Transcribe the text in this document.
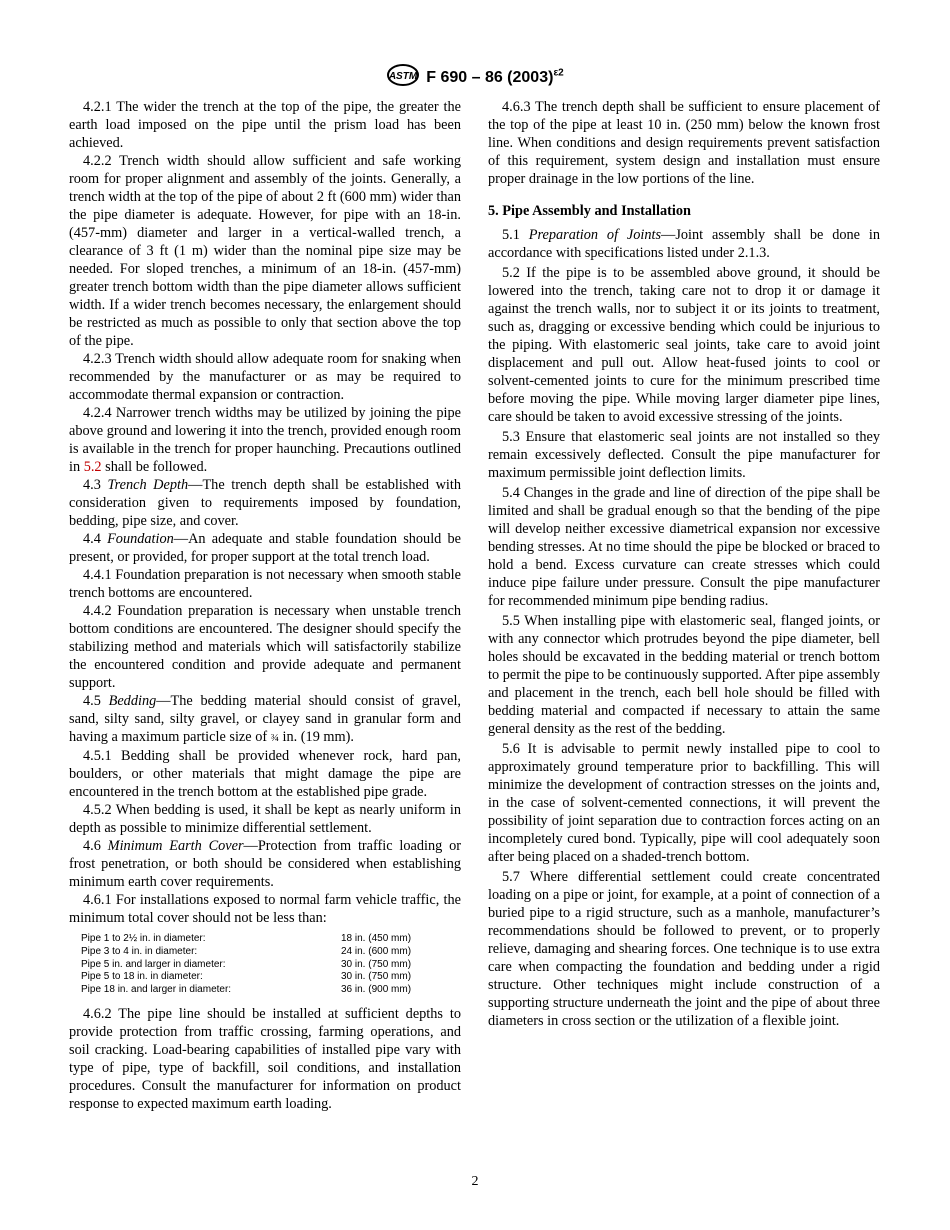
ASTM F 690 – 86 $(2003)^{\varepsilon 2}$

4.2.1 The wider the trench at the top of the pipe, the greater the earth load imposed on the pipe until the prism load has been achieved.

4.2.2 Trench width should allow sufficient and safe working room for proper alignment and assembly of the joints. Generally, a trench width at the top of the pipe of about 2 ft (600 mm) wider than the pipe diameter is adequate. However, for pipe with an 18-in. (457-mm) diameter and larger in a vertical-walled trench, a clearance of 3 ft (1 m) wider than the nominal pipe size may be needed. For sloped trenches, a minimum of an 18-in. (457-mm) greater trench bottom width than the pipe diameter allows sufficient width. If a wider trench becomes necessary, the enlargement should be restricted as much as possible to only that section above the top of the pipe.

4.2.3 Trench width should allow adequate room for snaking when recommended by the manufacturer or as may be required to accommodate thermal expansion or contraction.

4.2.4 Narrower trench widths may be utilized by joining the pipe above ground and lowering it into the trench, provided enough room is available in the trench for proper haunching. Precautions outlined in 5.2 shall be followed.

4.3 Trench Depth—The trench depth shall be established with consideration given to requirements imposed by foundation, bedding, pipe size, and cover.

4.4 Foundation—An adequate and stable foundation should be present, or provided, for proper support at the total trench load.

4.4.1 Foundation preparation is not necessary when smooth stable trench bottoms are encountered.

4.4.2 Foundation preparation is necessary when unstable trench bottom conditions are encountered. The designer should specify the stabilizing method and materials which will satisfactorily stabilize the encountered condition and provide adequate and permanent support.

4.5 Bedding—The bedding material should consist of gravel, sand, silty sand, silty gravel, or clayey sand in granular form and having a maximum particle size of ¾ in. (19 mm).

4.5.1 Bedding shall be provided whenever rock, hard pan, boulders, or other materials that might damage the pipe are encountered in the trench bottom at the established pipe grade.

4.5.2 When bedding is used, it shall be kept as nearly uniform in depth as possible to minimize differential settlement.

4.6 Minimum Earth Cover—Protection from traffic loading or frost penetration, or both should be considered when establishing minimum earth cover requirements.

4.6.1 For installations exposed to normal farm vehicle traffic, the minimum total cover should not be less than:

Pipe 1 to 2½ in. in diameter:	18 in. (450 mm)
Pipe 3 to 4 in. in diameter:	24 in. (600 mm)
Pipe 5 in. and larger in diameter:	30 in. (750 mm)
Pipe 5 to 18 in. in diameter:	30 in. (750 mm)
Pipe 18 in. and larger in diameter:	36 in. (900 mm)

4.6.2 The pipe line should be installed at sufficient depths to provide protection from traffic crossing, farming operations, and soil cracking. Load-bearing capabilities of installed pipe vary with type of pipe, type of backfill, soil conditions, and installation procedures. Consult the manufacturer for information on product response to expected maximum earth loading.

4.6.3 The trench depth shall be sufficient to ensure placement of the top of the pipe at least 10 in. (250 mm) below the known frost line. When conditions and design requirements prevent satisfaction of this requirement, system design and installation must ensure proper drainage in the low portions of the line.

5. Pipe Assembly and Installation

5.1 Preparation of Joints—Joint assembly shall be done in accordance with specifications listed under 2.1.3.

5.2 If the pipe is to be assembled above ground, it should be lowered into the trench, taking care not to drop it or damage it against the trench walls, nor to subject it or its joints to treatment, such as, dragging or excessive bending which could be injurious to the piping. With elastomeric seal joints, take care to avoid joint displacement and pull out. Allow heat-fused joints to cool or solvent-cemented joints to cure for the minimum prescribed time before moving the pipe. While moving larger diameter pipe lines, care should be taken to avoid excessive stressing of the joints.

5.3 Ensure that elastomeric seal joints are not installed so they remain excessively deflected. Consult the pipe manufacturer for maximum permissible joint deflection limits.

5.4 Changes in the grade and line of direction of the pipe shall be limited and shall be gradual enough so that the bending of the pipe will develop neither excessive diametrical expansion nor excessive bending stresses. At no time should the pipe be blocked or braced to hold a bend. Excess curvature can create stresses which could induce pipe failure under pressure. Consult the pipe manufacturer for recommended minimum pipe bending radius.

5.5 When installing pipe with elastomeric seal, flanged joints, or with any connector which protrudes beyond the pipe diameter, bell holes should be excavated in the bedding material or trench bottom to permit the pipe to be continuously supported. After pipe assembly and placement in the trench, each bell hole should be filled with bedding material and compacted if necessary to attain the same general density as the rest of the bedding.

5.6 It is advisable to permit newly installed pipe to cool to approximately ground temperature prior to backfilling. This will minimize the development of contraction stresses on the joints and, in the case of solvent-cemented connections, it will prevent the possibility of joint separation due to contraction forces acting on an incompletely cured bond. Typically, pipe will cool adequately soon after being placed on a shaded-trench bottom.

5.7 Where differential settlement could create concentrated loading on a pipe or joint, for example, at a point of connection of a buried pipe to a rigid structure, such as a manhole, manufacturer’s recommendations should be followed to prevent, or to properly relieve, damaging and shearing forces. One technique is to use extra care when compacting the foundation and bedding under a rigid structure. Other techniques might include construction of a supporting structure underneath the joint and the pipe of about three diameters in cross section or the utilization of a flexible joint.

2
